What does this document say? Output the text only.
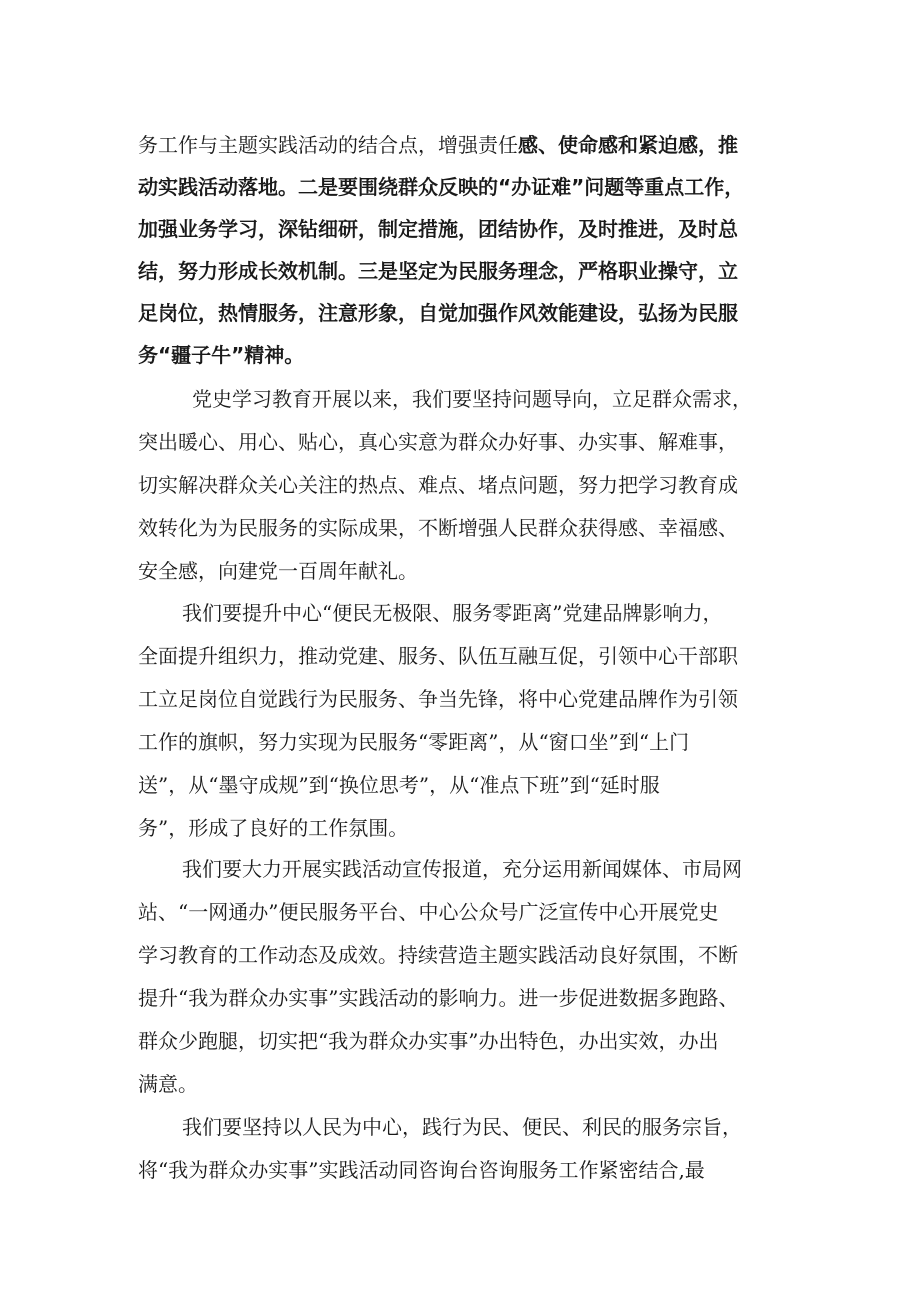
务工作与主题实践活动的结合点，增强责任感、使命感和紧迫感，推
动实践活动落地。二是要围绕群众反映的“办证难”问题等重点工作，
加强业务学习，深钻细研，制定措施，团结协作，及时推进，及时总
结，努力形成长效机制。三是坚定为民服务理念，严格职业操守，立
足岗位，热情服务，注意形象，自觉加强作风效能建设，弘扬为民服
务“疆子牛”精神。
党史学习教育开展以来，我们要坚持问题导向，立足群众需求，
突出暖心、用心、贴心，真心实意为群众办好事、办实事、解难事，
切实解决群众关心关注的热点、难点、堵点问题，努力把学习教育成
效转化为为民服务的实际成果，不断增强人民群众获得感、幸福感、
安全感，向建党一百周年献礼。
我们要提升中心“便民无极限、服务零距离”党建品牌影响力，
全面提升组织力，推动党建、服务、队伍互融互促，引领中心干部职
工立足岗位自觉践行为民服务、争当先锋，将中心党建品牌作为引领
工作的旗帜，努力实现为民服务“零距离”，从“窗口坐”到“上门
送”，从“墨守成规”到“换位思考”，从“准点下班”到“延时服
务”，形成了良好的工作氛围。
我们要大力开展实践活动宣传报道，充分运用新闻媒体、市局网
站、“一网通办”便民服务平台、中心公众号广泛宣传中心开展党史
学习教育的工作动态及成效。持续营造主题实践活动良好氛围，不断
提升“我为群众办实事”实践活动的影响力。进一步促进数据多跑路、
群众少跑腿，切实把“我为群众办实事”办出特色，办出实效，办出
满意。
我们要坚持以人民为中心，践行为民、便民、利民的服务宗旨，
将“我为群众办实事”实践活动同咨询台咨询服务工作紧密结合,最
